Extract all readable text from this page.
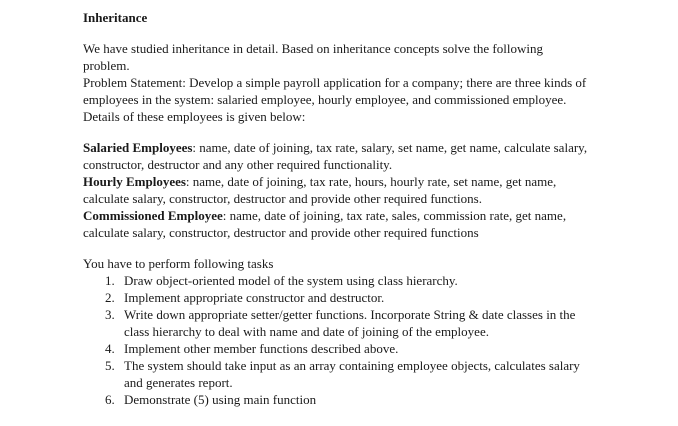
Inheritance

We have studied inheritance in detail. Based on inheritance concepts solve the following

problem.

Problem Statement: Develop a simple payroll application for a company; there are three kinds of

employees in the system: salaried employee, hourly employee, and commissioned employee.

Details of these employees is given below:

Salaried Employees: name, date of joining, tax rate, salary, set name, get name, calculate salary,

constructor, destructor and any other required functionality.

Hourly Employees: name, date of joining, tax rate, hours, hourly rate, set name, get name,

calculate salary, constructor, destructor and provide other required functions.

Commissioned Employee: name, date of joining, tax rate, sales, commission rate, get name,

calculate salary, constructor, destructor and provide other required functions

You have to perform following tasks

1. Draw object-oriented model of the system using class hierarchy.
2. Implement appropriate constructor and destructor.
3. Write down appropriate setter/getter functions. Incorporate String & date classes in the
class hierarchy to deal with name and date of joining of the employee.
4. Implement other member functions described above.
5. The system should take input as an array containing employee objects, calculates salary
and generates report.
6. Demonstrate (5) using main function
